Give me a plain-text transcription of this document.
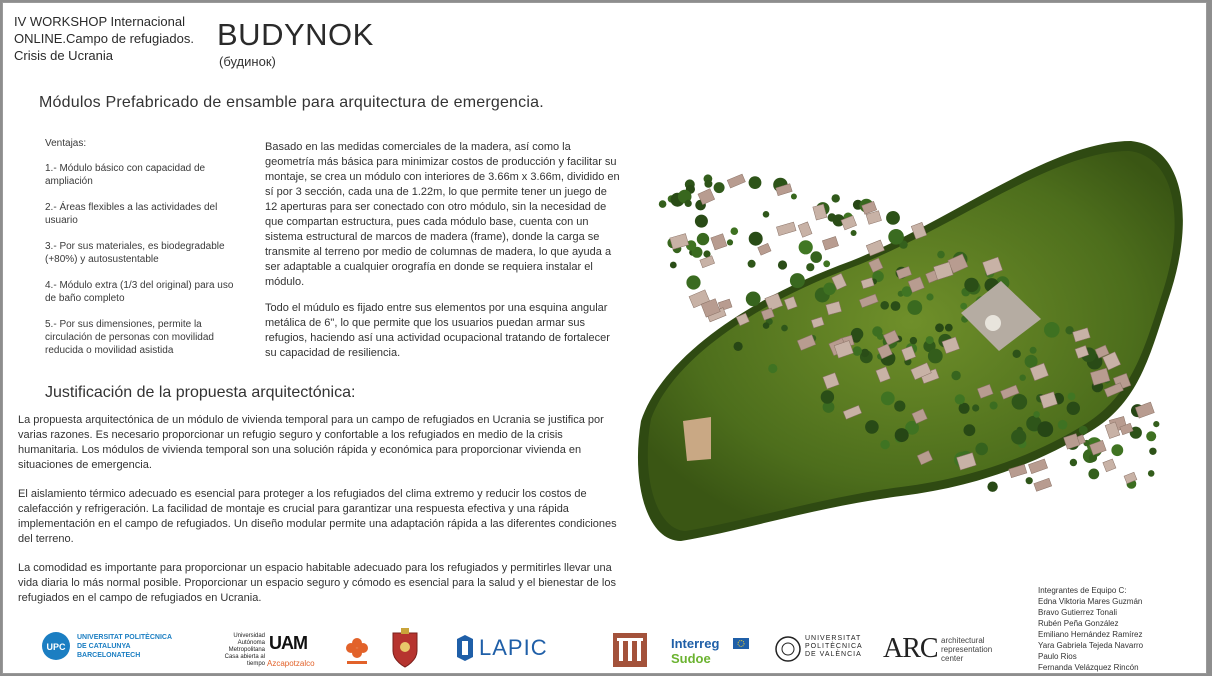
IV WORKSHOP Internacional
ONLINE.Campo de refugiados.
Crisis de Ucrania
BUDYNOK
(будинок)
Módulos Prefabricado de ensamble para arquitectura de emergencia.
Ventajas:
1.- Módulo básico con capacidad de ampliación
2.- Áreas flexibles a las actividades del usuario
3.- Por sus materiales, es biodegradable (+80%) y autosustentable
4.- Módulo extra (1/3 del original) para uso de baño completo
5.- Por sus dimensiones, permite la circulación de personas con movilidad reducida o movilidad asistida

Basado en las medidas comerciales de la madera, así como la geometría más básica para minimizar costos de producción y facilitar su montaje, se crea un módulo con interiores de 3.66m x 3.66m, dividido en sí por 3 sección, cada una de 1.22m, lo que permite tener un juego de 12 aperturas para ser conectado con otro módulo, sin la necesidad de que compartan estructura, pues cada módulo base, cuenta con un sistema estructural de marcos de madera (frame), donde la carga se transmite al terreno por medio de columnas de madera, lo que ayuda a ser adaptable a cualquier orografía en donde se requiera instalar el módulo.

Todo el múdulo es fijado entre sus elementos por una esquina angular metálica de 6", lo que permite que los usuarios puedan armar sus refugios, haciendo así una actividad ocupacional tratando de fortalecer su capacidad de resiliencia.

Justificación de la propuesta arquitectónica:

La propuesta arquitectónica de un módulo de vivienda temporal para un campo de refugiados en Ucrania se justifica por varias razones. Es necesario proporcionar un refugio seguro y confortable a los refugiados en medio de la crisis humanitaria. Los módulos de vivienda temporal son una solución rápida y económica para proporcionar vivienda en situaciones de emergencia.

El aislamiento térmico adecuado es esencial para proteger a los refugiados del clima extremo y reducir los costos de calefacción y refrigeración. La facilidad de montaje es crucial para garantizar una respuesta efectiva y una rápida implementación en el campo de refugiados. Un diseño modular permite una adaptación rápida a las diferentes condiciones del terreno.

La comodidad es importante para proporcionar un espacio habitable adecuado para los refugiados y permitirles llevar una vida diaria lo más normal posible. Proporcionar un espacio seguro y cómodo es esencial para la salud y el bienestar de los refugiados en el campo de refugiados en Ucrania.

Integrantes de Equipo C:
Edna Viktoria Mares Guzmán
Bravo Gutierrez Tonali
Rubén Peña González
Emiliano Hernández Ramírez
Yara Gabriela Tejeda Navarro
Paulo Rios
Fernanda Velázquez Rincón
UPC
UNIVERSITAT POLITÈCNICA
DE CATALUNYA
BARCELONATECH
Universidad
Autónoma
Metropolitana
Casa abierta al tiempo
UAM
Azcapotzalco
LAPIC	Interreg
Sudoe
UNIVERSITAT
POLITÈCNICA
DE VALÈNCIA ARC architectural
representation
center
